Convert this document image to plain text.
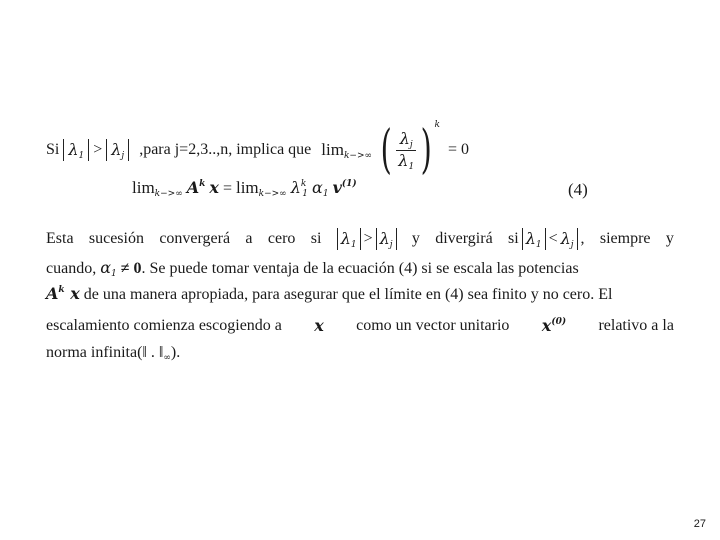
Si $\lambda_1 > \lambda_j$ ,para j=2,3..,n, implica que $\lim_{k->\infty}$ ( $\frac{\lambda_j}{\lambda_1}$ ) k
= 0
$\lim_{k->\infty} A^k$ $x = \lim_{k->\infty} \lambda^k_1$ $\alpha_1$ $v^{(1)}$	(4)
Esta sucesión convergerá a cero si $\lambda_1 > \lambda_j$ y divergirá si $\lambda_1 < \lambda_j$ , siempre y
cuando, $\alpha_1 \ne 0$. Se puede tomar ventaja de la ecuación (4) si se escala las potencias
$A^k$ x de una manera apropiada, para asegurar que el límite en (4) sea finito y no cero. El
escalamiento comienza escogiendo a x como un vector unitario $x^{(0)}$ relativo a la
norma infinita(‖ . $‖_\infty$).
27
